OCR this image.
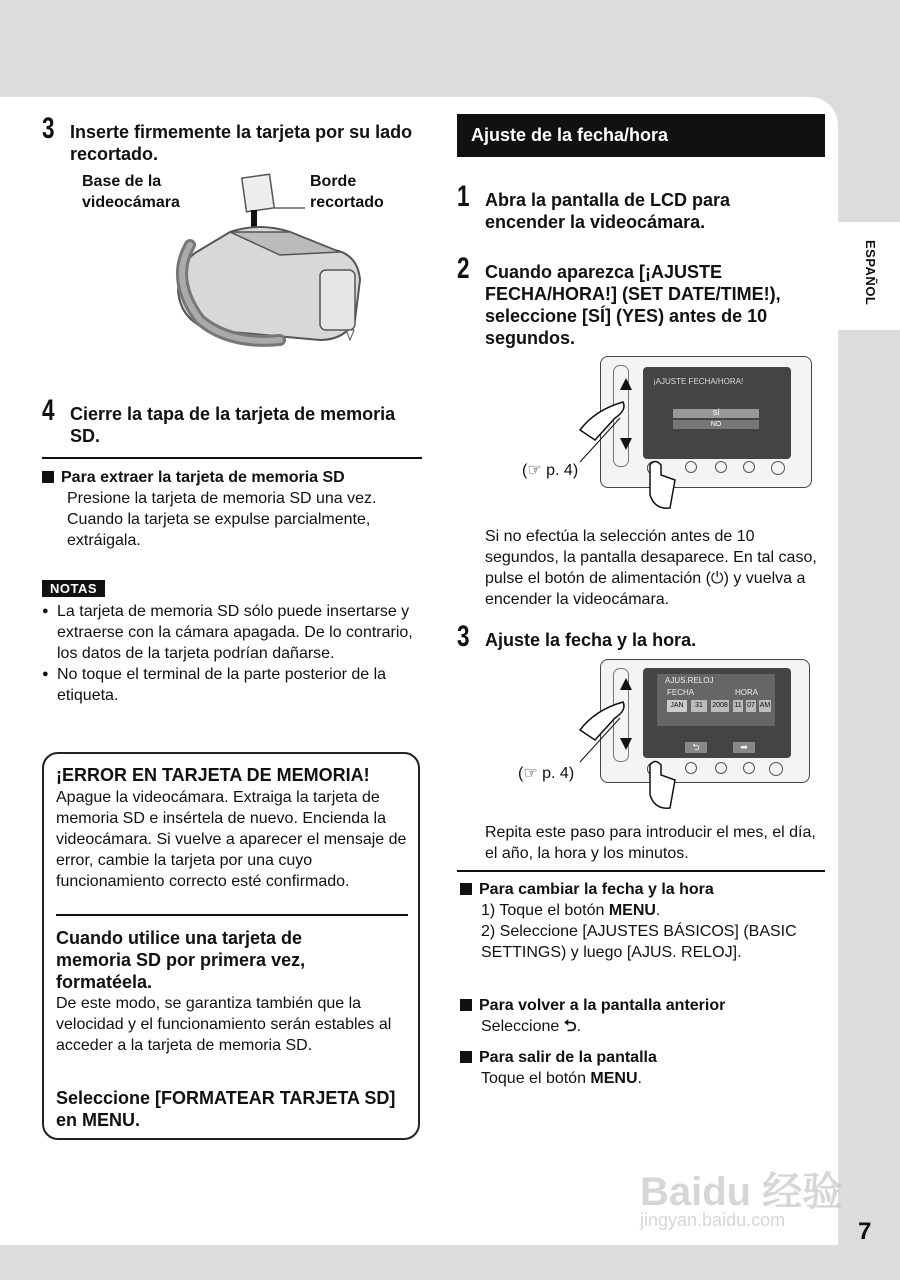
ESPAÑOL
3 Inserte firmemente la tarjeta por su lado recortado.
Base de la videocámara
Borde recortado
4 Cierre la tapa de la tarjeta de memoria SD.
Para extraer la tarjeta de memoria SD
Presione la tarjeta de memoria SD una vez.
Cuando la tarjeta se expulse parcialmente, extráigala.
NOTAS
● La tarjeta de memoria SD sólo puede insertarse y extraerse con la cámara apagada. De lo contrario, los datos de la tarjeta podrían dañarse.
● No toque el terminal de la parte posterior de la etiqueta.
¡ERROR EN TARJETA DE MEMORIA!
Apague la videocámara. Extraiga la tarjeta de memoria SD e insértela de nuevo. Encienda la videocámara. Si vuelve a aparecer el mensaje de error, cambie la tarjeta por una cuyo funcionamiento correcto esté confirmado.
Cuando utilice una tarjeta de memoria SD por primera vez, formatéela.
De este modo, se garantiza también que la velocidad y el funcionamiento serán estables al acceder a la tarjeta de memoria SD.
Seleccione [FORMATEAR TARJETA SD] en MENU.
Ajuste de la fecha/hora
1 Abra la pantalla de LCD para encender la videocámara.
2 Cuando aparezca [¡AJUSTE FECHA/HORA!] (SET DATE/TIME!), seleccione [SÍ] (YES) antes de 10 segundos.
¡AJUSTE FECHA/HORA!
SÍ
NO
(☞ p. 4)
Si no efectúa la selección antes de 10 segundos, la pantalla desaparece. En tal caso, pulse el botón de alimentación (⏻) y vuelva a encender la videocámara.
3 Ajuste la fecha y la hora.
AJUS.RELOJ
FECHA	HORA
JAN	31	2008 11 07 AM
⮌	➡
(☞ p. 4)
Repita este paso para introducir el mes, el día, el año, la hora y los minutos.
Para cambiar la fecha y la hora
1) Toque el botón MENU.
2) Seleccione [AJUSTES BÁSICOS] (BASIC SETTINGS) y luego [AJUS. RELOJ].
Para volver a la pantalla anterior
Seleccione ⮌.
Para salir de la pantalla
Toque el botón MENU.
Baidu 经验
jingyan.baidu.com	7
